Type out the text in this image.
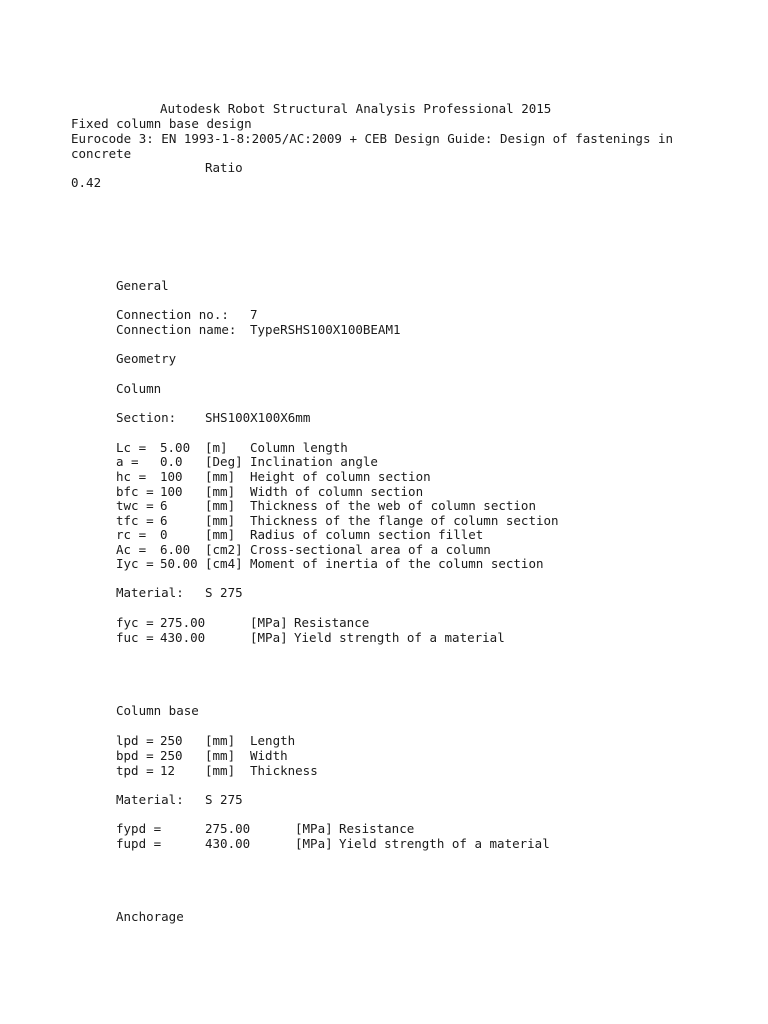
Autodesk Robot Structural Analysis Professional 2015
Fixed column base design
Eurocode 3: EN 1993-1-8:2005/AC:2009 + CEB Design Guide: Design of fastenings in
concrete
Ratio
0.42
General
Connection no.: 7
Connection name: TypeRSHS100X100BEAM1
Geometry
Column
Section: SHS100X100X6mm
Lc = 5.00 [m] Column length
a = 0.0 [Deg] Inclination angle
hc = 100 [mm] Height of column section
bfc = 100 [mm] Width of column section
twc = 6	[mm] Thickness of the web of column section
tfc = 6	[mm] Thickness of the flange of column section
rc = 0	[mm] Radius of column section fillet
Ac = 6.00 [cm2] Cross-sectional area of a column
Iyc = 50.00 [cm4] Moment of inertia of the column section
Material: S 275
fyc = 275.00	[MPa] Resistance
fuc = 430.00	[MPa] Yield strength of a material
Column base
lpd = 250 [mm] Length
bpd = 250 [mm] Width
tpd = 12 [mm] Thickness
Material: S 275
fypd =	275.00	[MPa] Resistance
fupd =	430.00	[MPa] Yield strength of a material
Anchorage
